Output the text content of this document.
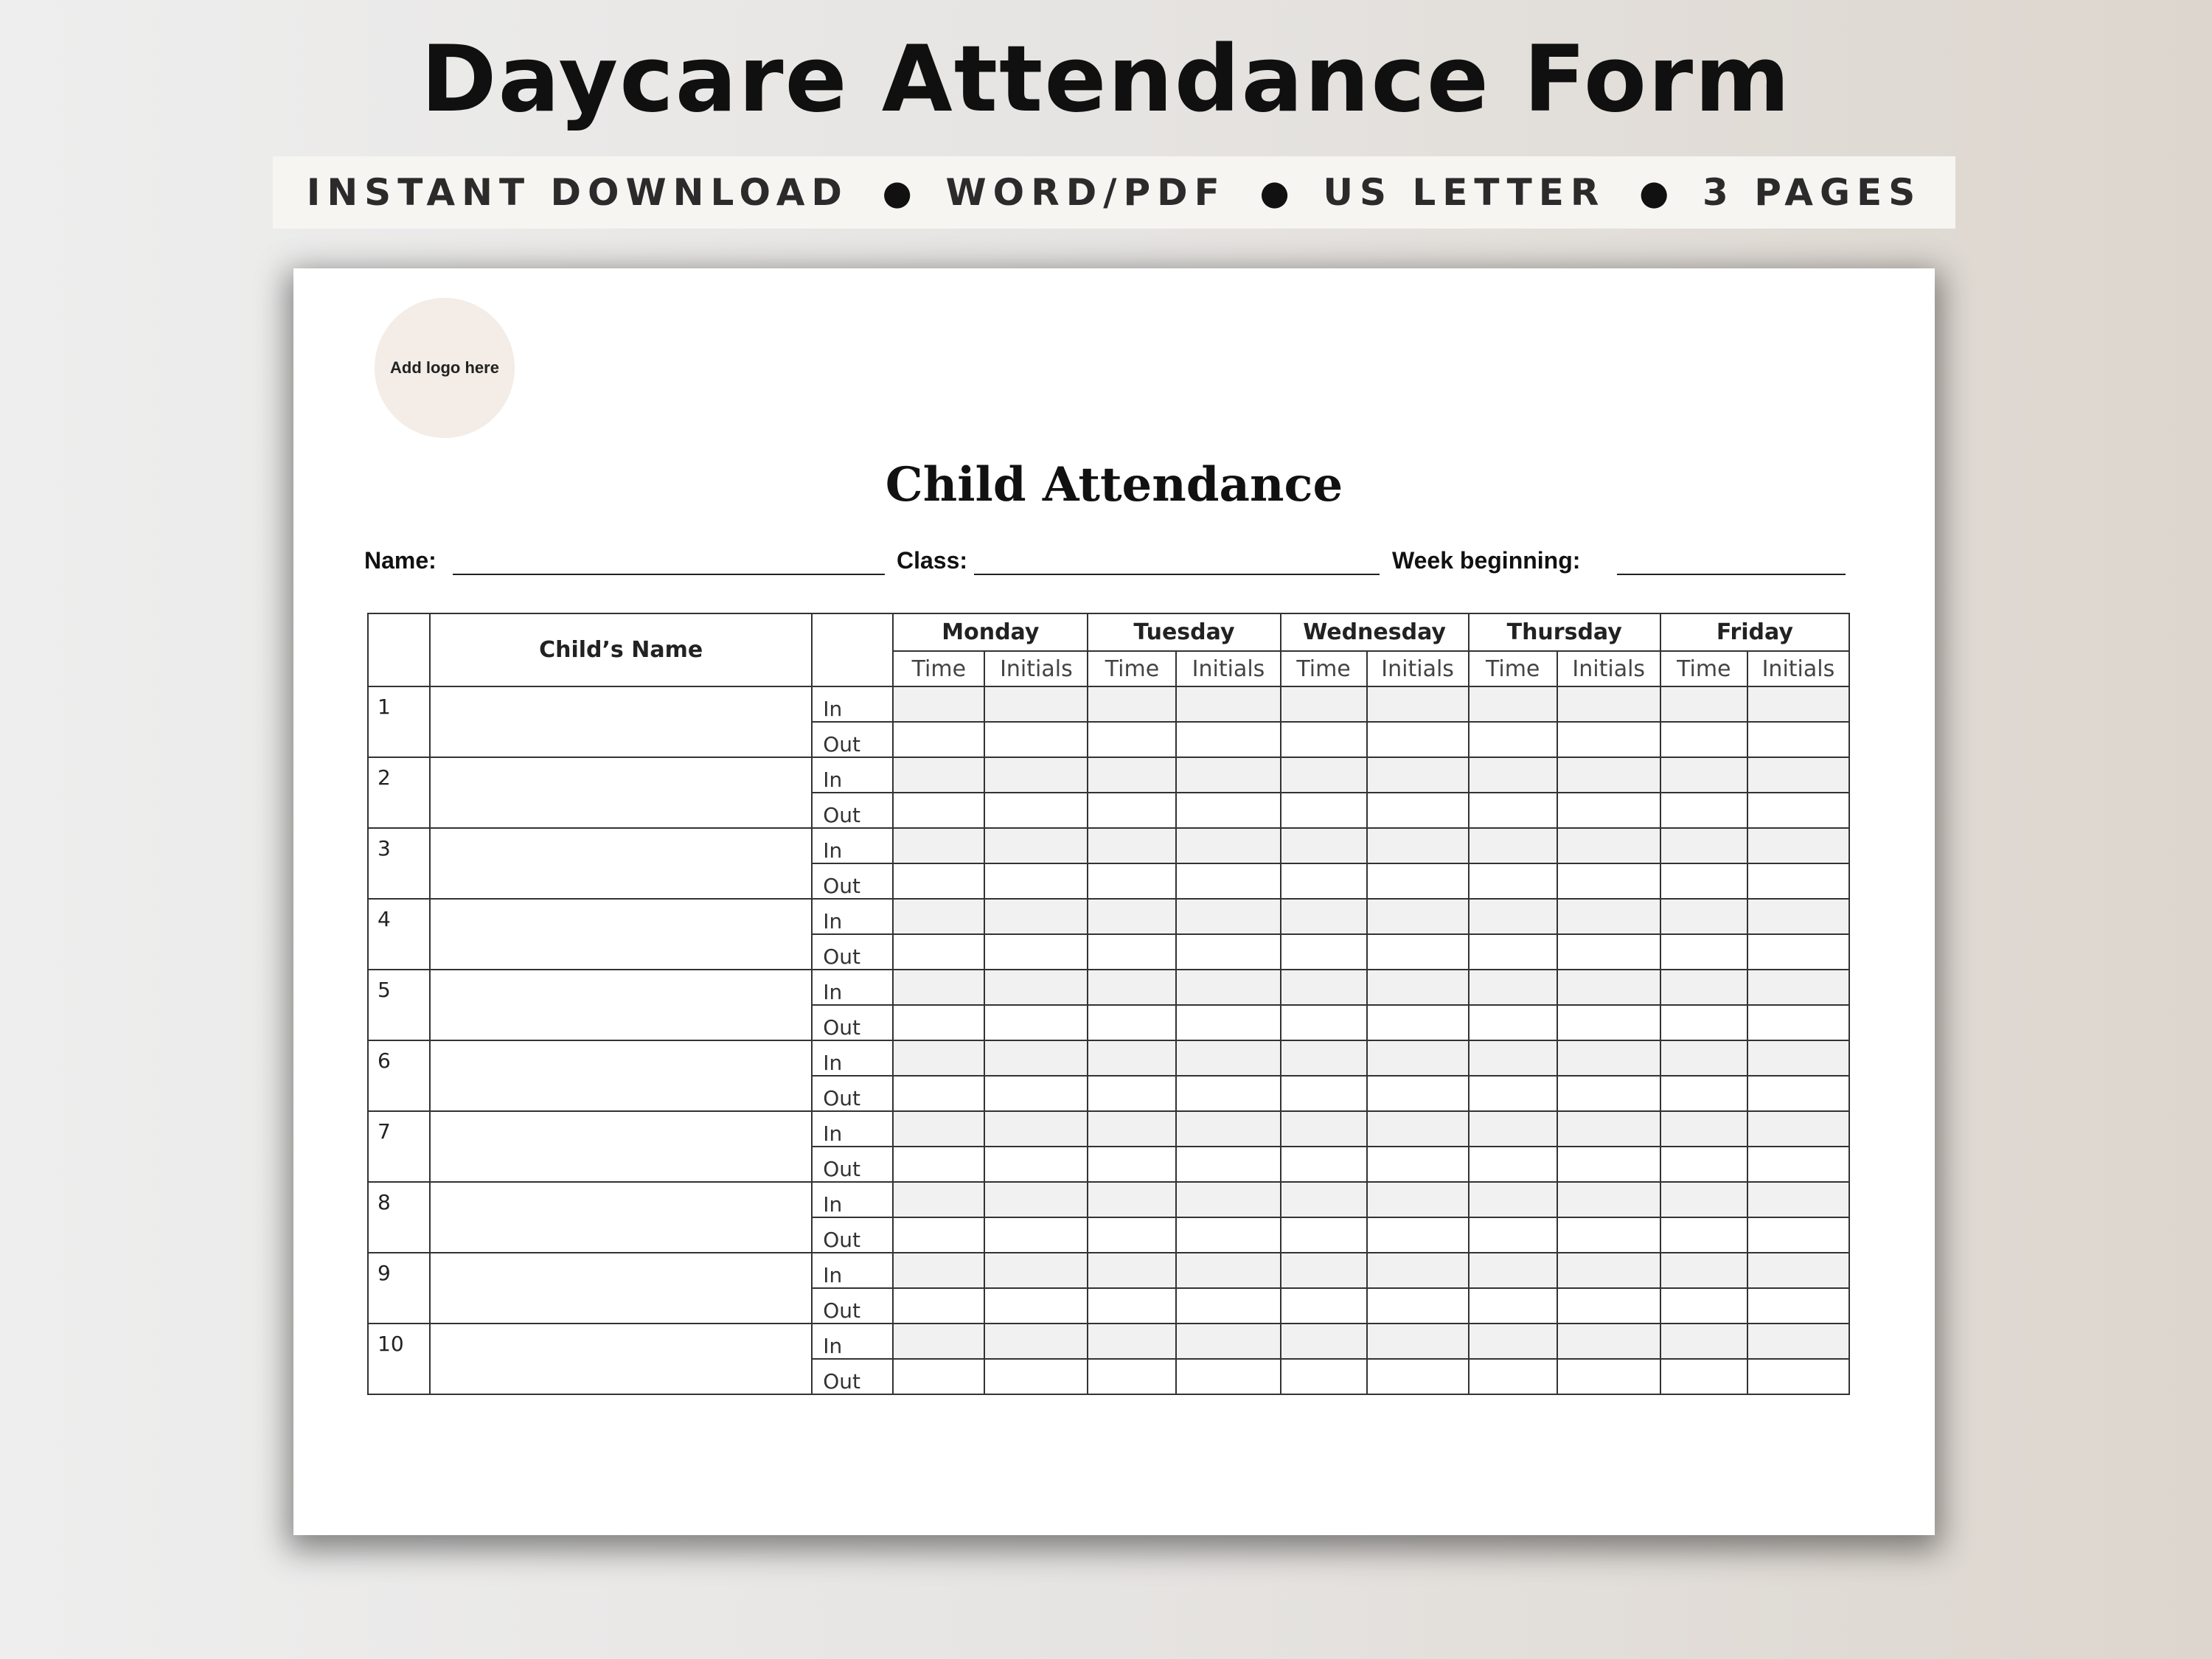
Daycare Attendance Form
INSTANT DOWNLOAD ● WORD/PDF ● US LETTER ● 3 PAGES
Add logo here
Child Attendance
Name:	Class:	Week beginning:
	Child’s Name		Monday		Tuesday		Wednesday		Thursday		Friday	
			Time	Initials	Time	Initials	Time	Initials	Time	Initials	Time	Initials
1		In										
		Out										
2		In										
		Out										
3		In										
		Out										
4		In										
		Out										
5		In										
		Out										
6		In										
		Out										
7		In										
		Out										
8		In										
		Out										
9		In										
		Out										
10		In										
		Out										
